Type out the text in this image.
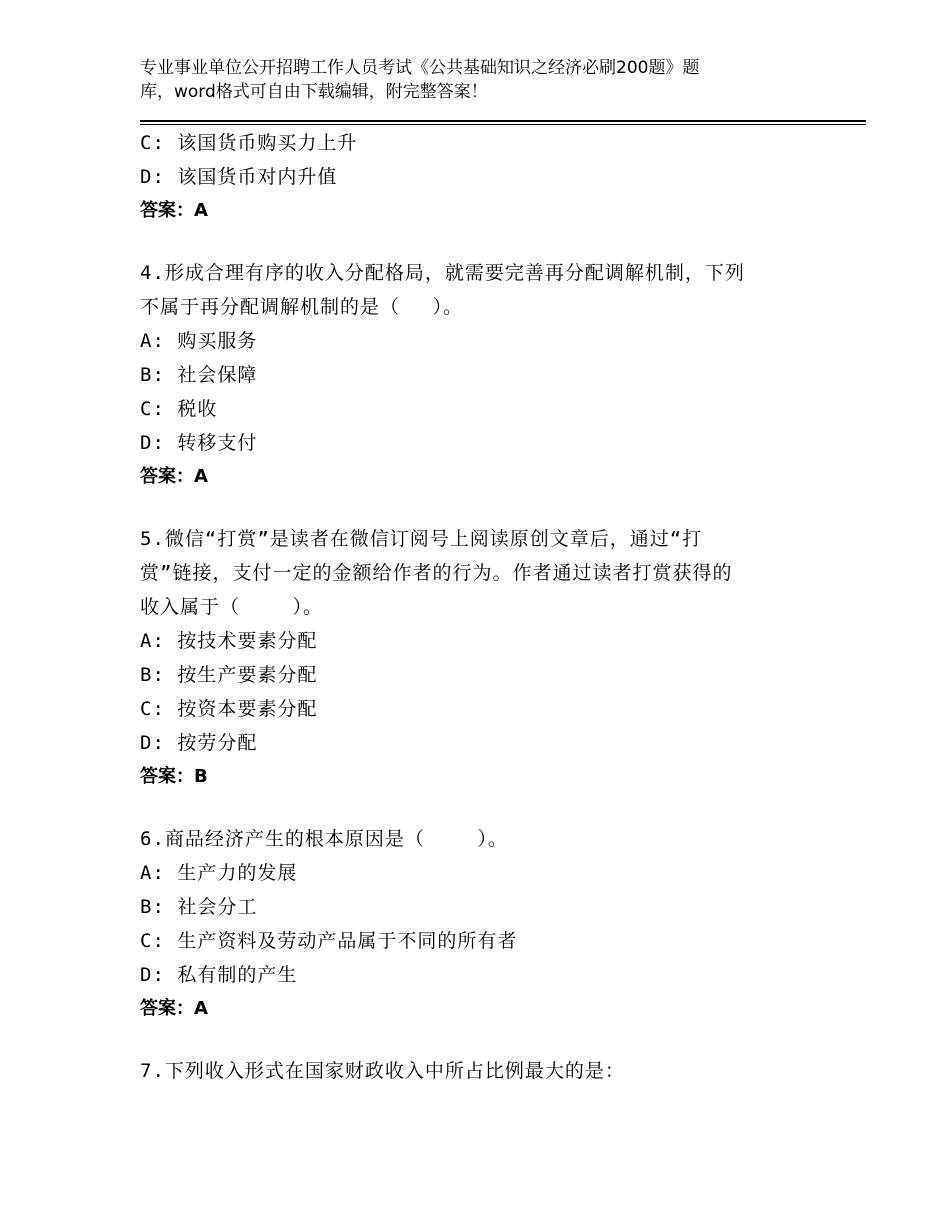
专业事业单位公开招聘工作人员考试《公共基础知识之经济必刷200题》题
库，word格式可自由下载编辑，附完整答案！
C: 该国货币购买力上升
D: 该国货币对内升值
答案：A
4.形成合理有序的收入分配格局，就需要完善再分配调解机制，下列
不属于再分配调解机制的是（　 ）。
A: 购买服务
B: 社会保障
C: 税收
D: 转移支付
答案：A
5.微信“打赏”是读者在微信订阅号上阅读原创文章后，通过“打
赏”链接，支付一定的金额给作者的行为。作者通过读者打赏获得的
收入属于（　　 ）。
A: 按技术要素分配
B: 按生产要素分配
C: 按资本要素分配
D: 按劳分配
答案：B
6.商品经济产生的根本原因是（　　 ）。
A: 生产力的发展
B: 社会分工
C: 生产资料及劳动产品属于不同的所有者
D: 私有制的产生
答案：A
7.下列收入形式在国家财政收入中所占比例最大的是：
